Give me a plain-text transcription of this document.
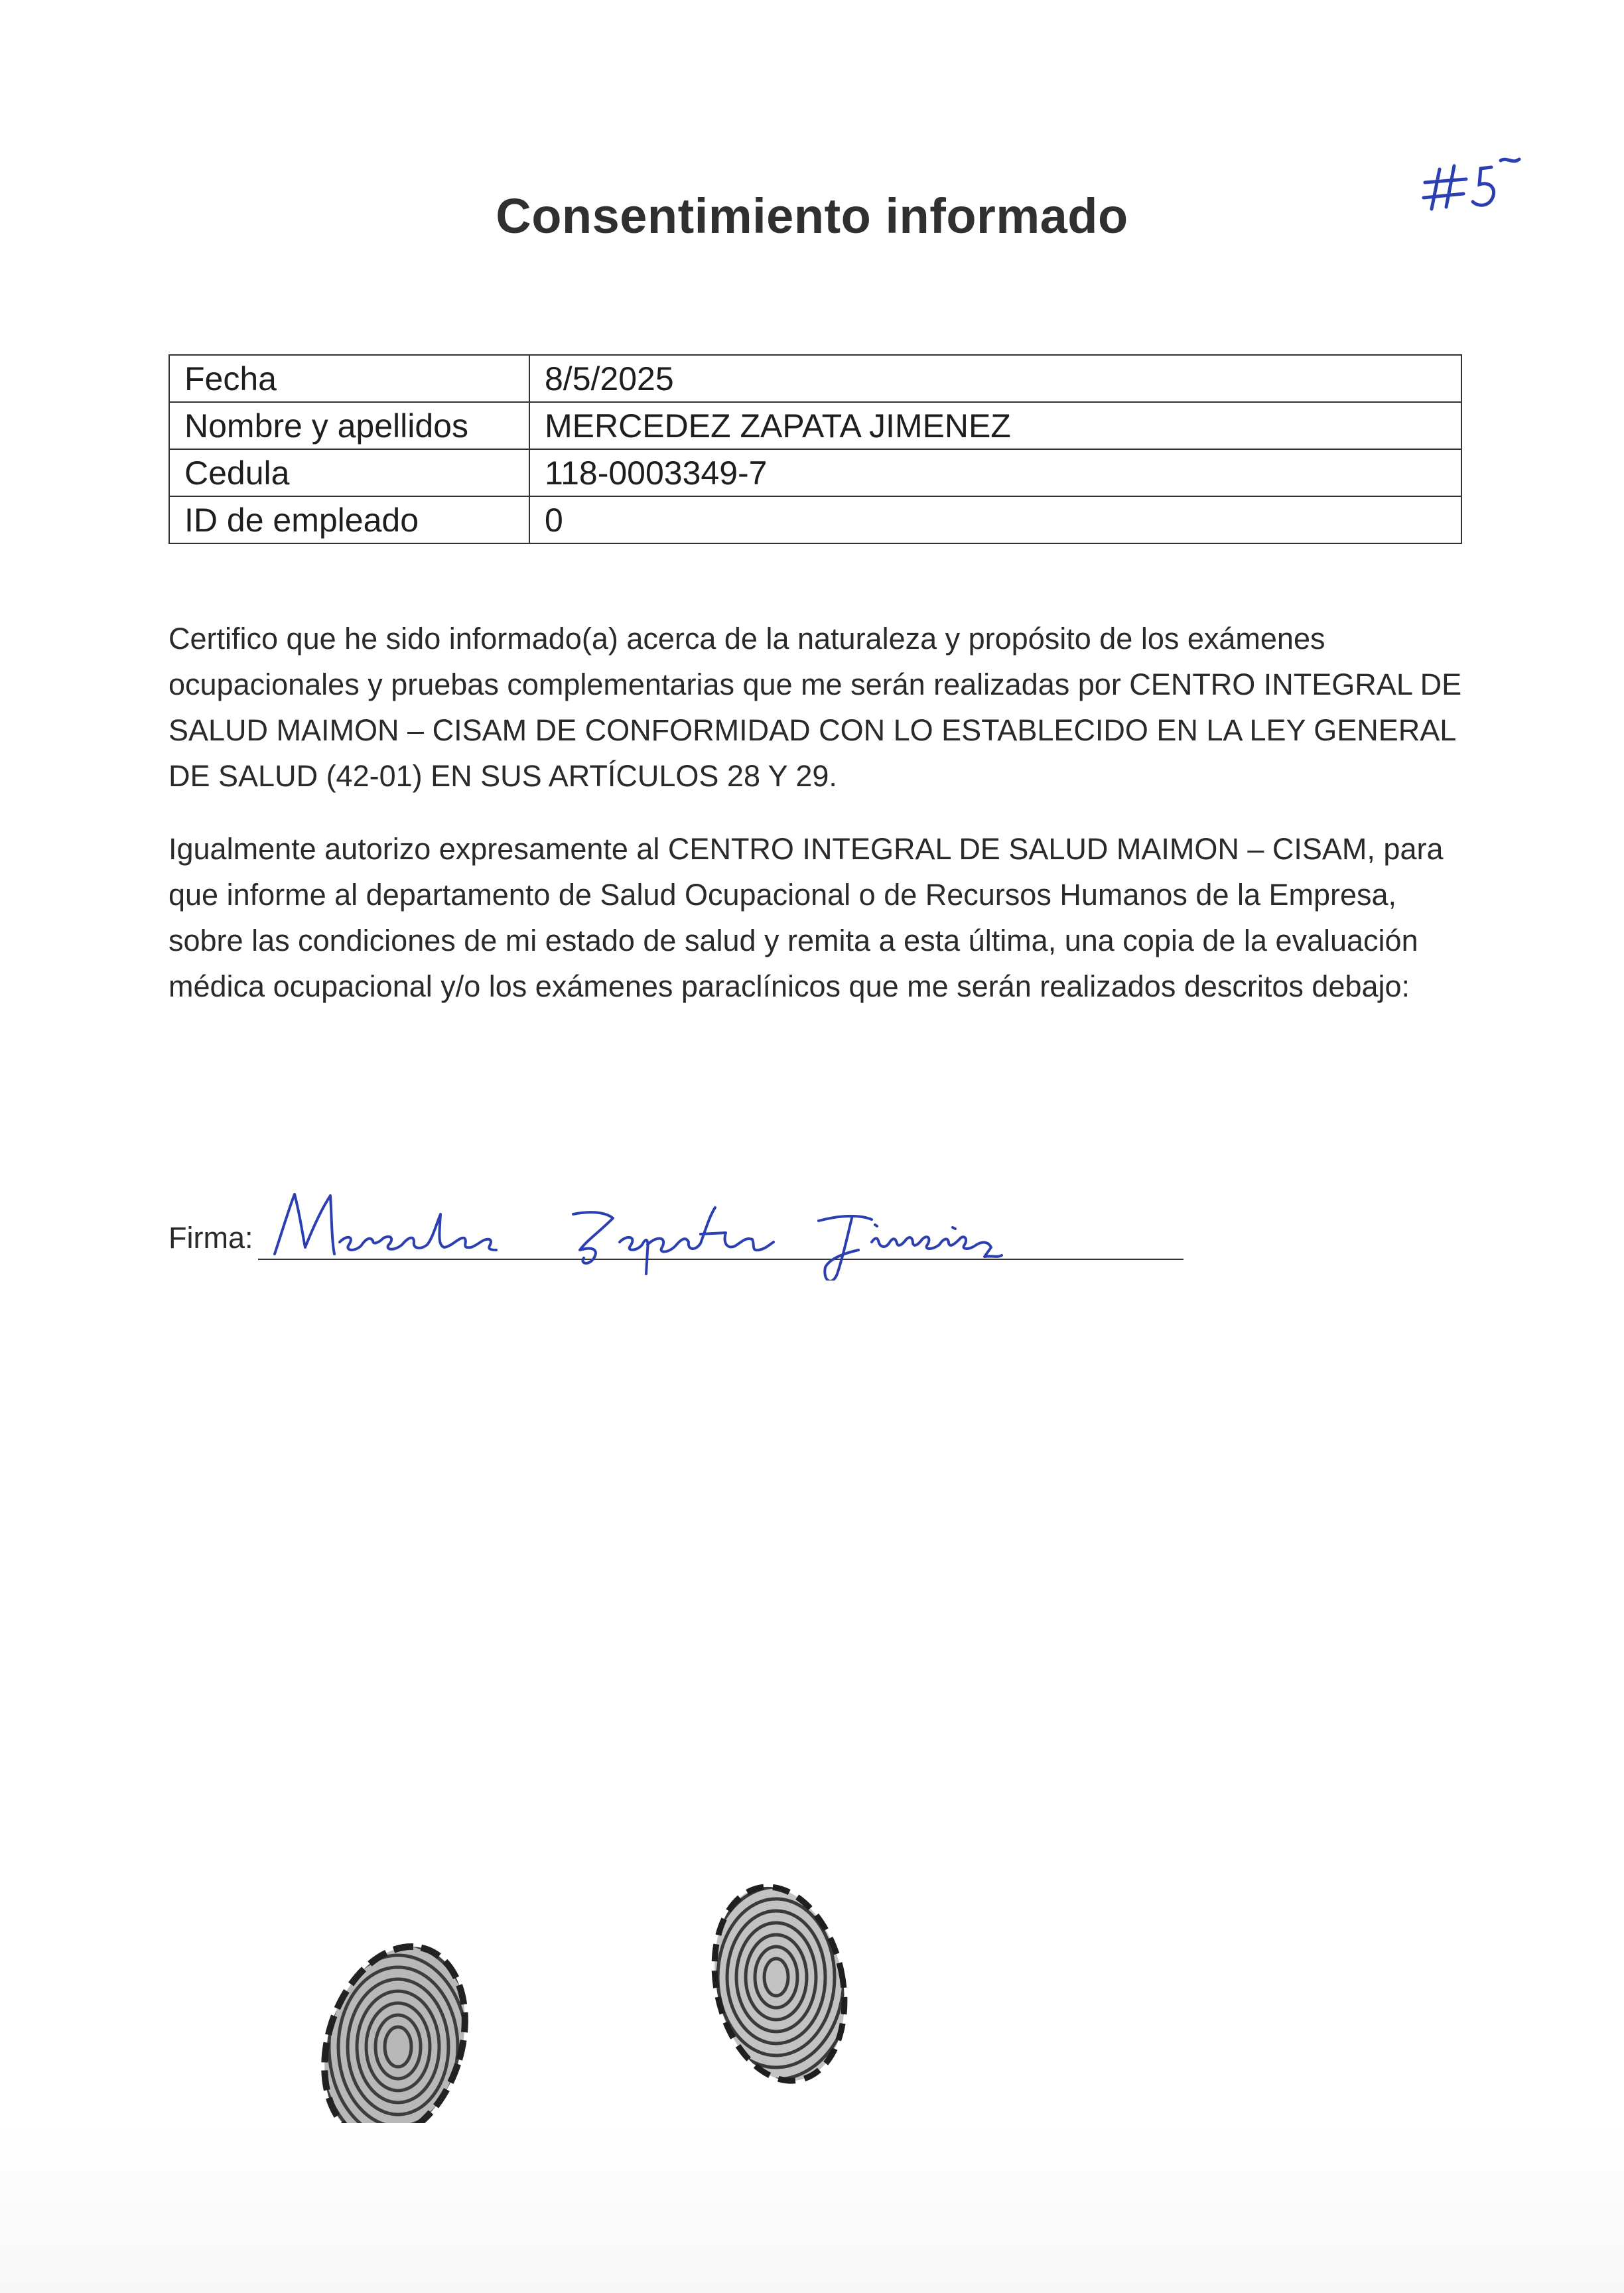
Consentimiento informado
Fecha	8/5/2025
Nombre y apellidos	MERCEDEZ ZAPATA JIMENEZ
Cedula	118-0003349-7
ID de empleado	0

Certifico que he sido informado(a) acerca de la naturaleza y propósito de los exámenes ocupacionales y pruebas complementarias que me serán realizadas por CENTRO INTEGRAL DE SALUD MAIMON – CISAM DE CONFORMIDAD CON LO ESTABLECIDO EN LA LEY GENERAL DE SALUD (42-01) EN SUS ARTÍCULOS 28 Y 29.

Igualmente autorizo expresamente al CENTRO INTEGRAL DE SALUD MAIMON – CISAM, para que informe al departamento de Salud Ocupacional o de Recursos Humanos de la Empresa, sobre las condiciones de mi estado de salud y remita a esta última, una copia de la evaluación médica ocupacional y/o los exámenes paraclínicos que me serán realizados descritos debajo:

Firma:
